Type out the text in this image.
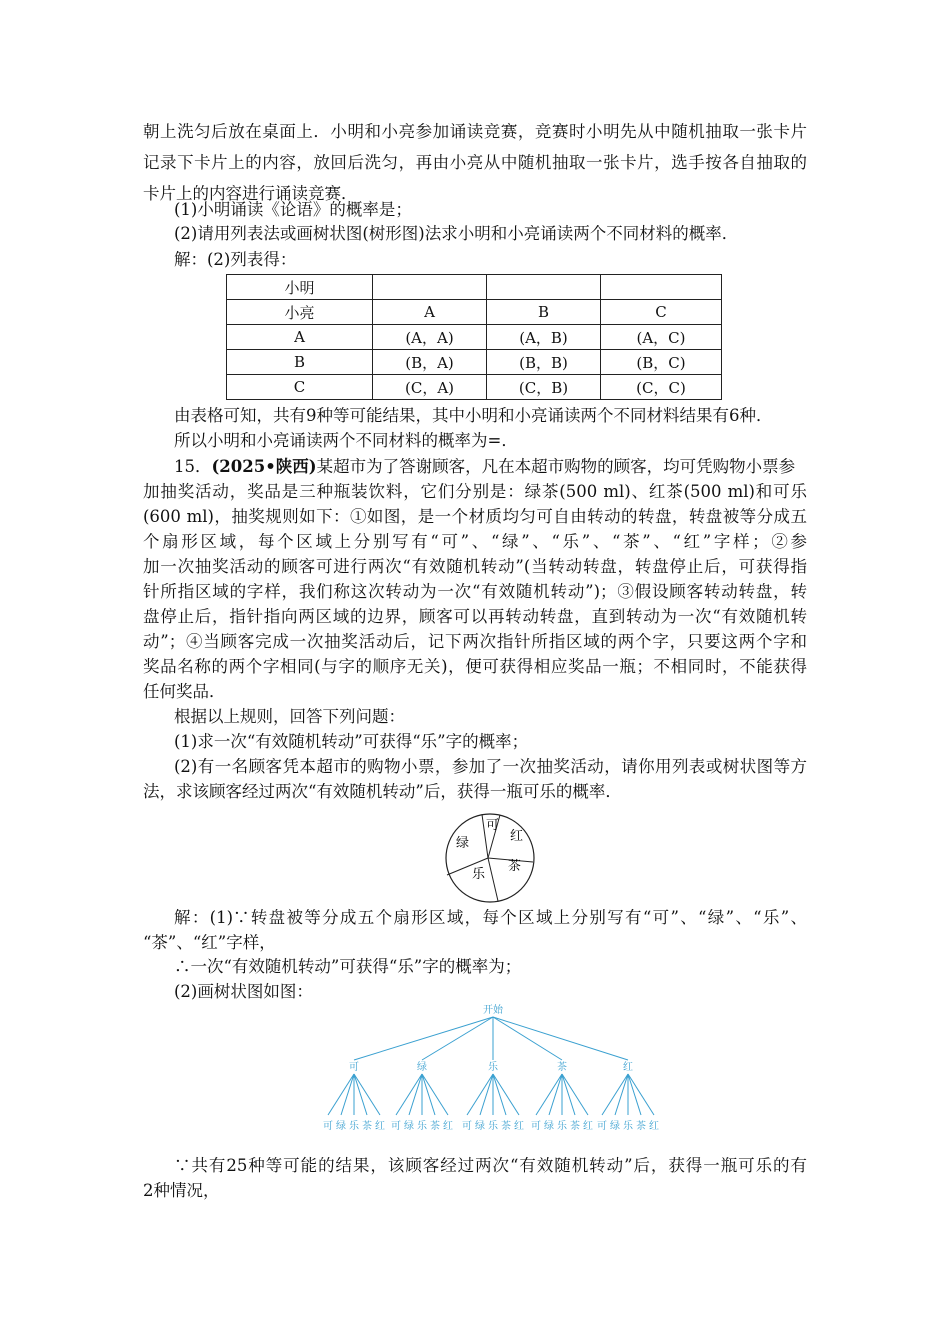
朝上洗匀后放在桌面上．小明和小亮参加诵读竞赛，竞赛时小明先从中随机抽取一张卡片
记录下卡片上的内容，放回后洗匀，再由小亮从中随机抽取一张卡片，选手按各自抽取的
卡片上的内容进行诵读竞赛．
(1)小明诵读《论语》的概率是；
(2)请用列表法或画树状图(树形图)法求小明和小亮诵读两个不同材料的概率．
解：(2)列表得：
小明			
小亮	A	B	C
A	(A，A)	(A，B)	(A，C)
B	(B，A)	(B，B)	(B，C)
C	(C，A)	(C，B)	(C，C)
由表格可知，共有9种等可能结果，其中小明和小亮诵读两个不同材料结果有6种．
所以小明和小亮诵读两个不同材料的概率为=．
15．(2025•陕西)某超市为了答谢顾客，凡在本超市购物的顾客，均可凭购物小票参
加抽奖活动，奖品是三种瓶装饮料，它们分别是：绿茶(500 ml)、红茶(500 ml)和可乐
(600 ml)，抽奖规则如下：①如图，是一个材质均匀可自由转动的转盘，转盘被等分成五
个扇形区域，每个区域上分别写有“可”、“绿”、“乐”、“茶”、“红”字样；②参
加一次抽奖活动的顾客可进行两次“有效随机转动”(当转动转盘，转盘停止后，可获得指
针所指区域的字样，我们称这次转动为一次“有效随机转动”)；③假设顾客转动转盘，转
盘停止后，指针指向两区域的边界，顾客可以再转动转盘，直到转动为一次“有效随机转
动”；④当顾客完成一次抽奖活动后，记下两次指针所指区域的两个字，只要这两个字和
奖品名称的两个字相同(与字的顺序无关)，便可获得相应奖品一瓶；不相同时，不能获得
任何奖品．
根据以上规则，回答下列问题：
(1)求一次“有效随机转动”可获得“乐”字的概率；
(2)有一名顾客凭本超市的购物小票，参加了一次抽奖活动，请你用列表或树状图等方
法，求该顾客经过两次“有效随机转动”后，获得一瓶可乐的概率．
可
红
茶
乐
绿
解：(1)∵转盘被等分成五个扇形区域，每个区域上分别写有“可”、“绿”、“乐”、
“茶”、“红”字样，
∴一次“有效随机转动”可获得“乐”字的概率为；
(2)画树状图如图：
开始
可
可 绿 乐 茶 红
绿
可 绿 乐 茶 红
乐
可 绿 乐 茶 红
茶
可 绿 乐 茶 红
红
可 绿 乐 茶 红
∵共有25种等可能的结果，该顾客经过两次“有效随机转动”后，获得一瓶可乐的有
2种情况，
